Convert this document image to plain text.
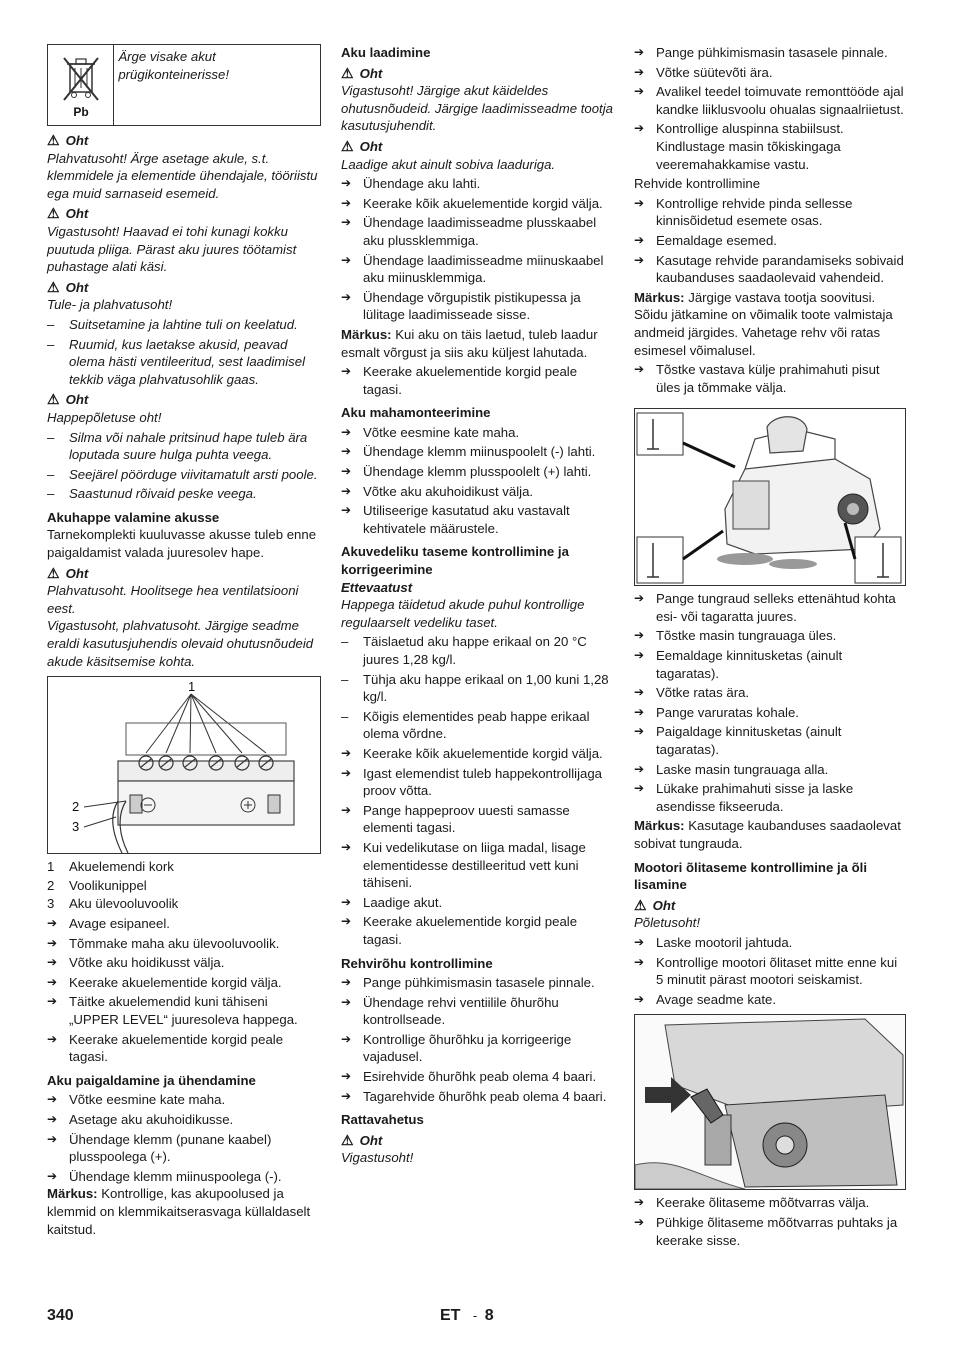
Pb
Ärge visake akut prügikonteinerisse!
⚠ Oht

Plahvatusoht! Ärge asetage akule, s.t. klemmidele ja elementide ühendajale, tööriistu ega muid sarnaseid esemeid.

⚠ Oht

Vigastusoht! Haavad ei tohi kunagi kokku puutuda pliiga. Pärast aku juures töötamist puhastage alati käsi.

⚠ Oht

Tule- ja plahvatusoht!

–	Suitsetamine ja lahtine tuli on keelatud.
–	Ruumid, kus laetakse akusid, peavad olema hästi ventileeritud, sest laadimisel tekkib väga plahvatusohlik gaas.
⚠ Oht

Happepõletuse oht!

–	Silma või nahale pritsinud hape tuleb ära loputada suure hulga puhta veega.
–	Seejärel pöörduge viivitamatult arsti poole.
–	Saastunud rõivaid peske veega.

Akuhappe valamine akusse

Tarnekomplekti kuuluvasse akusse tuleb enne paigaldamist valada juuresolev hape.

⚠ Oht

Plahvatusoht. Hoolitsege hea ventilatsiooni eest.

Vigastusoht, plahvatusoht. Järgige seadme eraldi kasutusjuhendis olevaid ohutusnõudeid akude käsitsemise kohta.

1
2
3
1	Akuelemendi kork
2	Voolikunippel
3	Aku ülevooluvoolik
➔ Avage esipaneel.
➔ Tõmmake maha aku ülevooluvoolik.
➔ Võtke aku hoidikusst välja.
➔ Keerake akuelementide korgid välja.
➔ Täitke akuelemendid kuni tähiseni „UPPER LEVEL“ juuresoleva happega.
➔ Keerake akuelementide korgid peale tagasi.

Aku paigaldamine ja ühendamine

➔ Võtke eesmine kate maha.
➔ Asetage aku akuhoidikusse.
➔ Ühendage klemm (punane kaabel) plusspoolega (+).
➔ Ühendage klemm miinuspoolega (-).

Märkus: Kontrollige, kas akupoolused ja klemmid on klemmikaitserasvaga küllaldaselt kaitstud.

Aku laadimine

⚠ Oht

Vigastusoht! Järgige akut käideldes ohutusnõudeid. Järgige laadimisseadme tootja kasutusjuhendit.

⚠ Oht

Laadige akut ainult sobiva laaduriga.

➔ Ühendage aku lahti.
➔ Keerake kõik akuelementide korgid välja.
➔ Ühendage laadimisseadme plusskaabel aku plussklemmiga.
➔ Ühendage laadimisseadme miinuskaabel aku miinusklemmiga.
➔ Ühendage võrgupistik pistikupessa ja lülitage laadimisseade sisse.

Märkus: Kui aku on täis laetud, tuleb laadur esmalt võrgust ja siis aku küljest lahutada.

➔ Keerake akuelementide korgid peale tagasi.

Aku mahamonteerimine

➔ Võtke eesmine kate maha.
➔ Ühendage klemm miinuspoolelt (-) lahti.
➔ Ühendage klemm plusspoolelt (+) lahti.
➔ Võtke aku akuhoidikust välja.
➔ Utiliseerige kasutatud aku vastavalt kehtivatele määrustele.

Akuvedeliku taseme kontrollimine ja korrigeerimine

Ettevaatust

Happega täidetud akude puhul kontrollige regulaarselt vedeliku taset.

–	Täislaetud aku happe erikaal on 20 °C juures 1,28 kg/l.
–	Tühja aku happe erikaal on 1,00 kuni 1,28 kg/l.
–	Kõigis elementides peab happe erikaal olema võrdne.
➔ Keerake kõik akuelementide korgid välja.
➔ Igast elemendist tuleb happekontrollijaga proov võtta.
➔ Pange happeproov uuesti samasse elementi tagasi.
➔ Kui vedelikutase on liiga madal, lisage elementidesse destilleeritud vett kuni tähiseni.
➔ Laadige akut.
➔ Keerake akuelementide korgid peale tagasi.

Rehvirõhu kontrollimine

➔ Pange pühkimismasin tasasele pinnale.
➔ Ühendage rehvi ventiilile õhurõhu kontrollseade.
➔ Kontrollige õhurõhku ja korrigeerige vajadusel.
➔ Esirehvide õhurõhk peab olema 4 baari.
➔ Tagarehvide õhurõhk peab olema 4 baari.

Rattavahetus

⚠ Oht

Vigastusoht!

➔ Pange pühkimismasin tasasele pinnale.
➔ Võtke süütevõti ära.
➔ Avalikel teedel toimuvate remonttööde ajal kandke liiklusvoolu ohualas signaalriietust.
➔ Kontrollige aluspinna stabiilsust. Kindlustage masin tõkiskingaga veeremahakkamise vastu.

Rehvide kontrollimine

➔ Kontrollige rehvide pinda sellesse kinnisõidetud esemete osas.
➔ Eemaldage esemed.
➔ Kasutage rehvide parandamiseks sobivaid kaubanduses saadaolevaid vahendeid.

Märkus: Järgige vastava tootja soovitusi. Sõidu jätkamine on võimalik toote valmistaja andmeid järgides. Vahetage rehv või ratas esimesel võimalusel.

➔ Tõstke vastava külje prahimahuti pisut üles ja tõmmake välja.
➔ Pange tungraud selleks ettenähtud kohta esi- või tagaratta juures.
➔ Tõstke masin tungrauaga üles.
➔ Eemaldage kinnitusketas (ainult tagaratas).
➔ Võtke ratas ära.
➔ Pange varuratas kohale.
➔ Paigaldage kinnitusketas (ainult tagaratas).
➔ Laske masin tungrauaga alla.
➔ Lükake prahimahuti sisse ja laske asendisse fikseeruda.

Märkus: Kasutage kaubanduses saadaolevat sobivat tungrauda.

Mootori õlitaseme kontrollimine ja õli lisamine

⚠ Oht

Põletusoht!

➔ Laske mootoril jahtuda.
➔ Kontrollige mootori õlitaset mitte enne kui 5 minutit pärast mootori seiskamist.
➔ Avage seadme kate.
➔ Keerake õlitaseme mõõtvarras välja.
➔ Pühkige õlitaseme mõõtvarras puhtaks ja keerake sisse.
340	ET - 8
